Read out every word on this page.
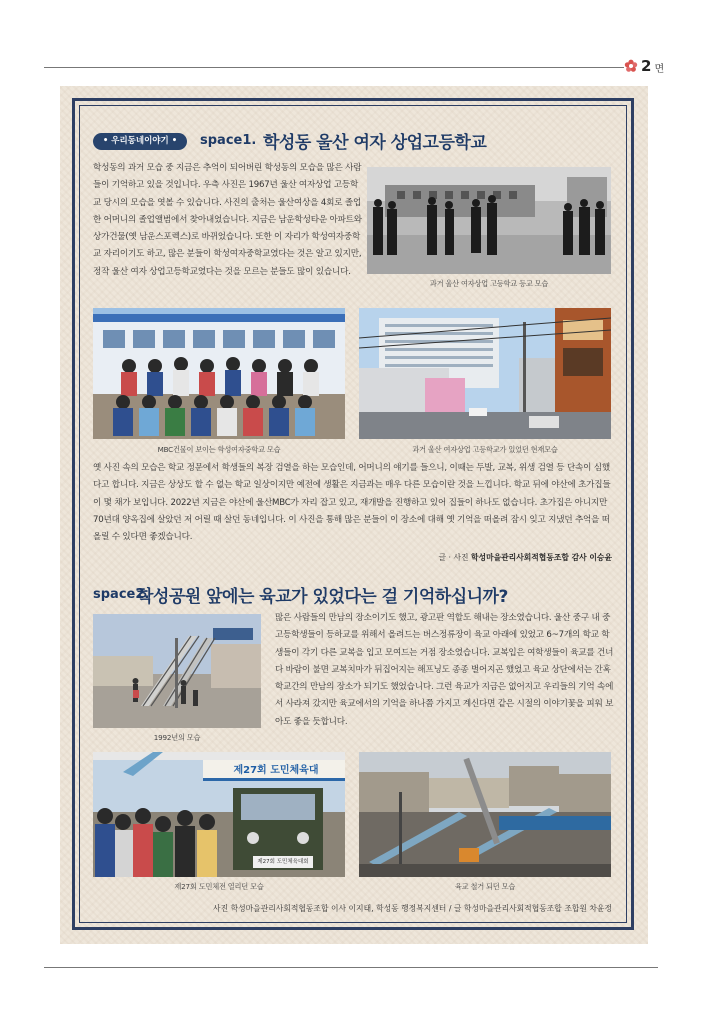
2 면
• 우리동네이야기 •	space1. 학성동 울산 여자 상업고등학교
학성동의 과거 모습 중 지금은 추억이 되어버린 학성동의 모습을 많은 사람들이 기억하고 있을 것입니다. 우측 사진은 1967년 울산 여자상업 고등학교 당시의 모습을 엿볼 수 있습니다. 사진의 출처는 울산여상을 4회로 졸업한 어머니의 졸업앨범에서 찾아내었습니다. 지금은 남운학성타운 아파트와 상가건물(옛 남운스포렉스)로 바뀌었습니다. 또한 이 자리가 학성여자중학교 자리이기도 하고, 많은 분들이 학성여자중학교였다는 것은 알고 있지만, 정작 울산 여자 상업고등학교였다는 것을 모르는 분들도 많이 있습니다.
과거 울산 여자상업 고등학교 등교 모습
MBC건물이 보이는 학성여자중학교 모습	과거 울산 여자상업 고등학교가 있었던 현재모습
옛 사진 속의 모습은 학교 정문에서 학생들의 복장 검열을 하는 모습인데, 어머니의 얘기를 들으니, 이때는 두발, 교복, 위생 검열 등 단속이 심했다고 합니다. 지금은 상상도 할 수 없는 학교 일상이지만 예전에 생활은 지금과는 매우 다른 모습이란 것을 느낍니다. 학교 뒤에 야산에 초가집들이 몇 채가 보입니다. 2022년 지금은 야산에 울산MBC가 자리 잡고 있고, 재개발을 진행하고 있어 집들이 하나도 없습니다. 초가집은 아니지만 70년대 양옥집에 살았던 저 어릴 때 살던 동네입니다. 이 사진을 통해 많은 분들이 이 장소에 대해 옛 기억을 떠올려 잠시 잊고 지냈던 추억을 떠올릴 수 있다면 좋겠습니다.
글 · 사진 학성마을관리사회적협동조합 감사 이승윤
space2.
학성공원 앞에는 육교가 있었다는 걸 기억하십니까?
1992년의 모습
많은 사람들의 만남의 장소이기도 했고, 광고판 역할도 해내는 장소였습니다. 울산 중구 내 중고등학생들이 등하교를 위해서 올려드는 버스정류장이 육교 아래에 있었고 6~7개의 학교 학생들이 각기 다른 교복을 입고 모여드는 거점 장소였습니다. 교복입은 여학생들이 육교를 건너다 바람이 불면 교복치마가 뒤집어지는 해프닝도 종종 벌어지곤 했었고 육교 상단에서는 간혹 학교간의 만남의 장소가 되기도 했었습니다. 그런 육교가 지금은 없어지고 우리들의 기억 속에서 사라져 갔지만 육교에서의 기억을 하나쯤 가지고 계신다면 같은 시절의 이야기꽃을 피워 보아도 좋을 듯합니다.
제27회 도민체육대
제27회 도민체육대회
제27회 도민체전 열리던 모습	육교 철거 되던 모습
사진 학성마을관리사회적협동조합 이사 이지태, 학성동 행정복지센터 / 글 학성마을관리사회적협동조합 조합원 차윤정
